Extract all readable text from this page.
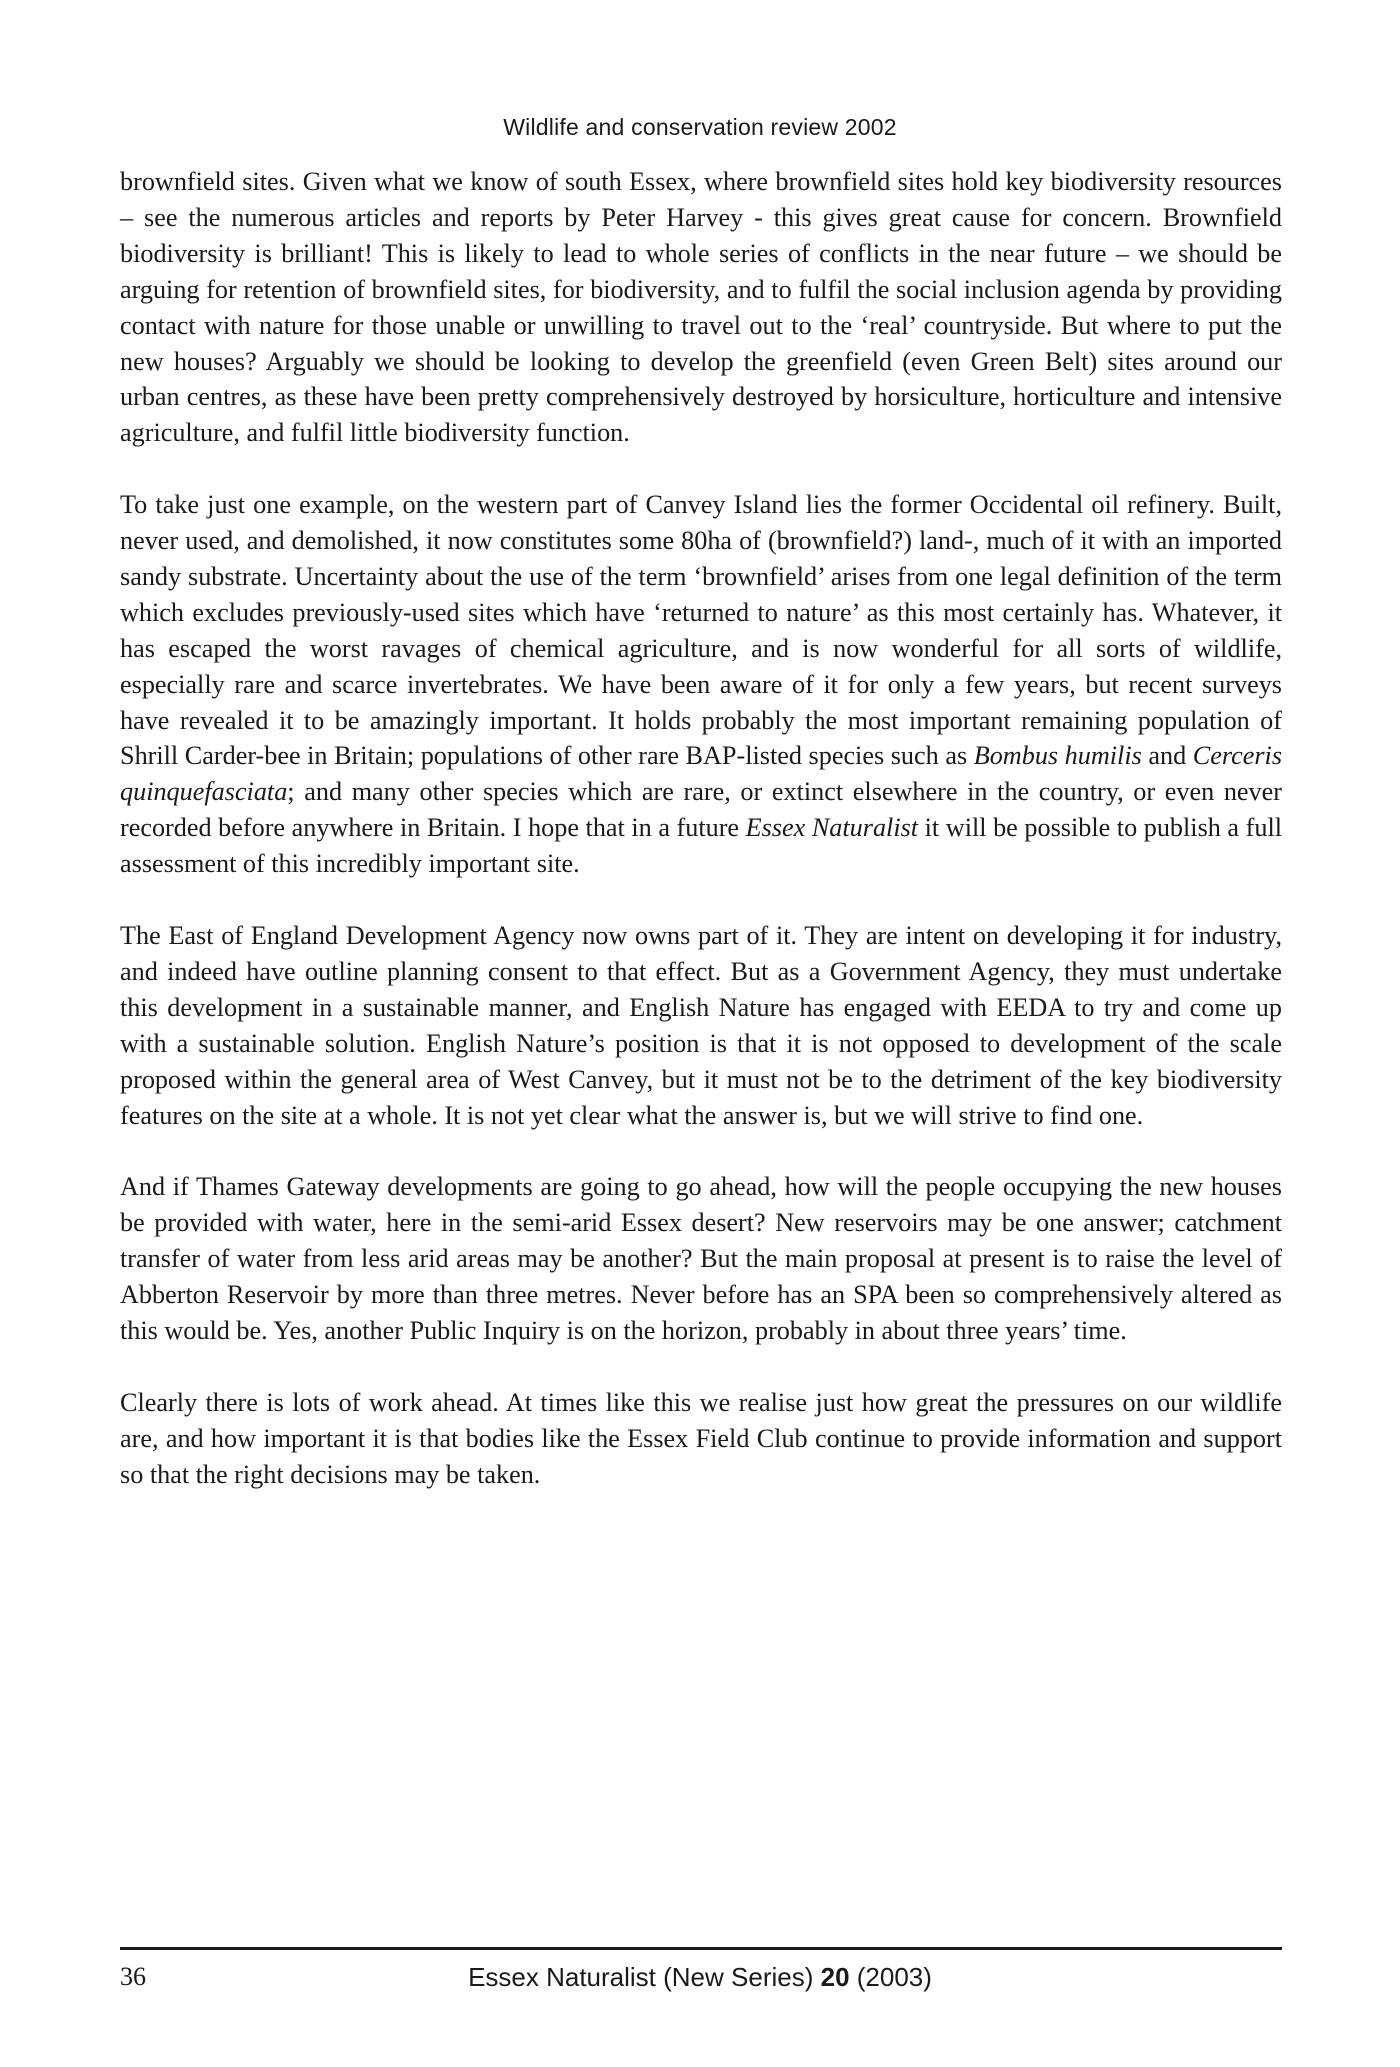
Wildlife and conservation review 2002

brownfield sites. Given what we know of south Essex, where brownfield sites hold key biodiversity resources – see the numerous articles and reports by Peter Harvey - this gives great cause for concern. Brownfield biodiversity is brilliant! This is likely to lead to whole series of conflicts in the near future – we should be arguing for retention of brownfield sites, for biodiversity, and to fulfil the social inclusion agenda by providing contact with nature for those unable or unwilling to travel out to the ‘real’ countryside. But where to put the new houses? Arguably we should be looking to develop the greenfield (even Green Belt) sites around our urban centres, as these have been pretty comprehensively destroyed by horsiculture, horticulture and intensive agriculture, and fulfil little biodiversity function.

To take just one example, on the western part of Canvey Island lies the former Occidental oil refinery. Built, never used, and demolished, it now constitutes some 80ha of (brownfield?) land-, much of it with an imported sandy substrate. Uncertainty about the use of the term ‘brownfield’ arises from one legal definition of the term which excludes previously-used sites which have ‘returned to nature’ as this most certainly has. Whatever, it has escaped the worst ravages of chemical agriculture, and is now wonderful for all sorts of wildlife, especially rare and scarce invertebrates. We have been aware of it for only a few years, but recent surveys have revealed it to be amazingly important. It holds probably the most important remaining population of Shrill Carder-bee in Britain; populations of other rare BAP-listed species such as Bombus humilis and Cerceris quinquefasciata; and many other species which are rare, or extinct elsewhere in the country, or even never recorded before anywhere in Britain. I hope that in a future Essex Naturalist it will be possible to publish a full assessment of this incredibly important site.

The East of England Development Agency now owns part of it. They are intent on developing it for industry, and indeed have outline planning consent to that effect. But as a Government Agency, they must undertake this development in a sustainable manner, and English Nature has engaged with EEDA to try and come up with a sustainable solution. English Nature’s position is that it is not opposed to development of the scale proposed within the general area of West Canvey, but it must not be to the detriment of the key biodiversity features on the site at a whole. It is not yet clear what the answer is, but we will strive to find one.

And if Thames Gateway developments are going to go ahead, how will the people occupying the new houses be provided with water, here in the semi-arid Essex desert? New reservoirs may be one answer; catchment transfer of water from less arid areas may be another? But the main proposal at present is to raise the level of Abberton Reservoir by more than three metres. Never before has an SPA been so comprehensively altered as this would be. Yes, another Public Inquiry is on the horizon, probably in about three years’ time.

Clearly there is lots of work ahead. At times like this we realise just how great the pressures on our wildlife are, and how important it is that bodies like the Essex Field Club continue to provide information and support so that the right decisions may be taken.

36	Essex Naturalist (New Series) 20 (2003)
